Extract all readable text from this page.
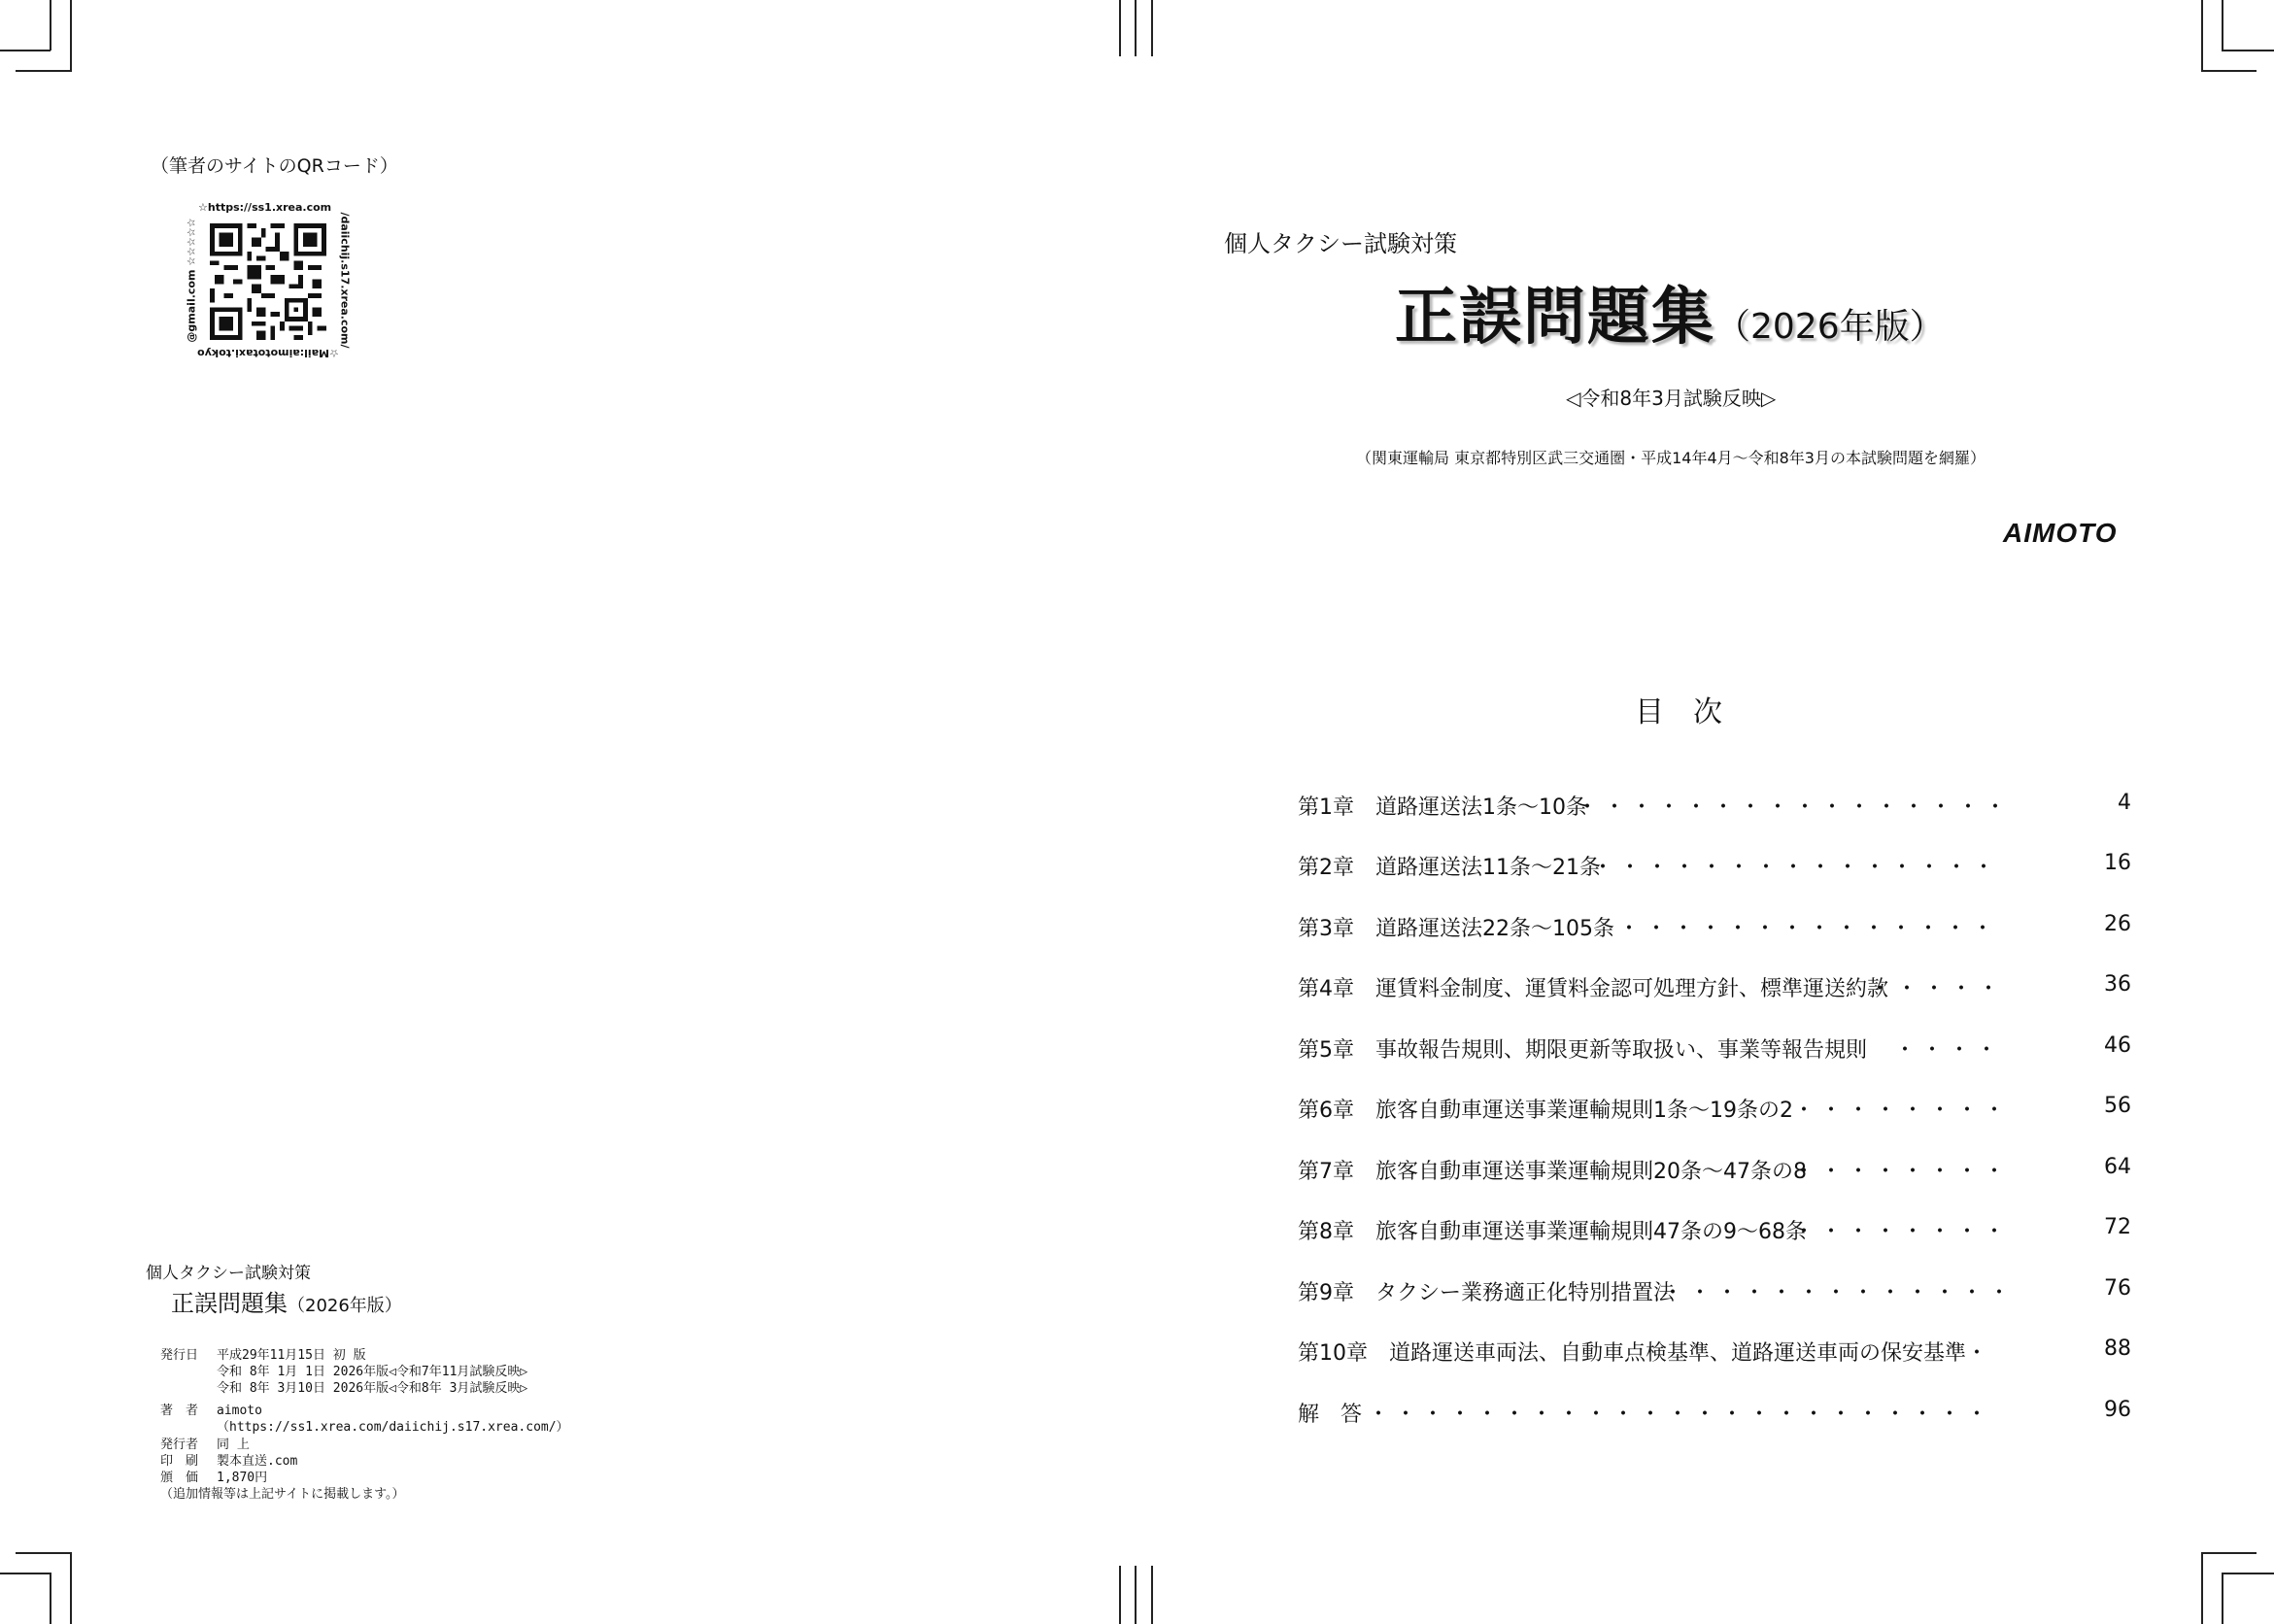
（筆者のサイトのQRコード）
☆https://ss1.xrea.com
/daiichij.s17.xrea.com/
☆Mail:aimototaxi.tokyo
@gmail.com ☆☆☆☆☆
個人タクシー試験対策
正誤問題集（2026年版）
発行日 平成29年11月15日 初 版
令和 8年 1月 1日 2026年版◁令和7年11月試験反映▷
令和 8年 3月10日 2026年版◁令和8年 3月試験反映▷
著　者 aimoto
（https://ss1.xrea.com/daiichij.s17.xrea.com/）
発行者 同 上
印　刷 製本直送.com
頒　価 1,870円
（追加情報等は上記サイトに掲載します。）
個人タクシー試験対策
正誤問題集（2026年版）
◁令和8年3月試験反映▷
（関東運輸局 東京都特別区武三交通圏・平成14年4月～令和8年3月の本試験問題を網羅）
AIMOTO
目　次
第1章　道路運送法1条～10条
・・・・・・・・・・・・・・・・	4
第2章　道路運送法11条～21条
・・・・・・・・・・・・・・・	16
第3章　道路運送法22条～105条 ・・・・・・・・・・・・・・	26
第4章　運賃料金制度、運賃料金認可処理方針、標準運送約款
・・・・・	36
第5章　事故報告規則、期限更新等取扱い、事業等報告規則 ・・・・	46
第6章　旅客自動車運送事業運輸規則1条～19条の2 ・・・・・・・・	56
第7章　旅客自動車運送事業運輸規則20条～47条の8
・・・・・・・・	64
第8章　旅客自動車運送事業運輸規則47条の9～68条
・・・・・・・・	72
第9章　タクシー業務適正化特別措置法
・・・・・・・・・・・・・	76
第10章　道路運送車両法、自動車点検基準、道路運送車両の保安基準 ・	88
解　答 ・・・・・・・・・・・・・・・・・・・・・・・	96
